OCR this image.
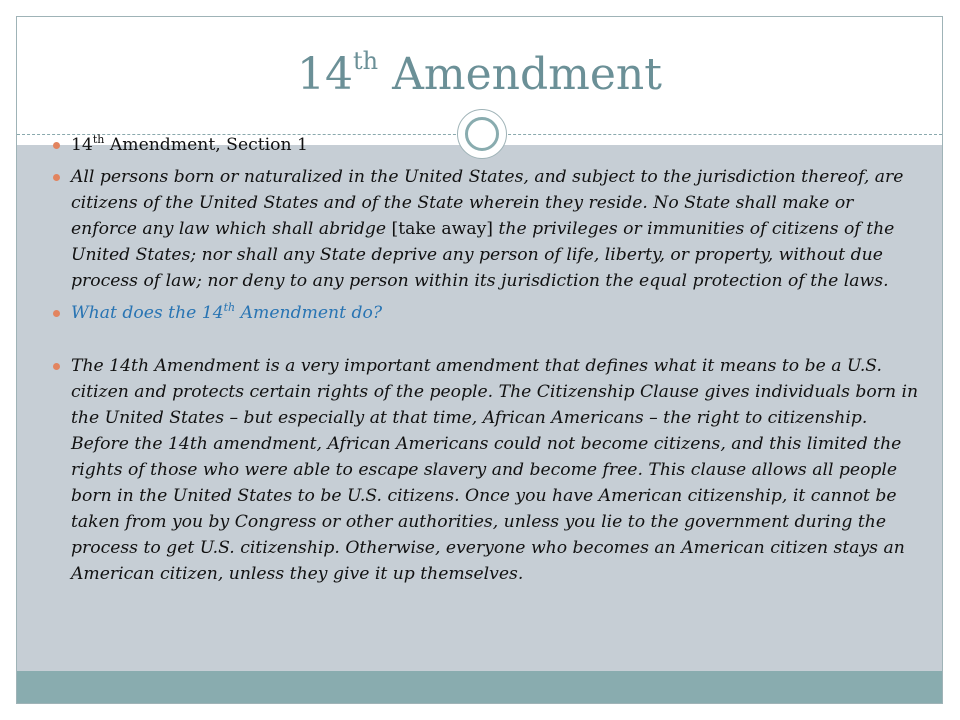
14th Amendment
14th Amendment, Section 1
All persons born or naturalized in the United States, and subject to the jurisdiction thereof, are citizens of the United States and of the State wherein they reside. No State shall make or enforce any law which shall abridge [take away] the privileges or immunities of citizens of the United States; nor shall any State deprive any person of life, liberty, or property, without due process of law; nor deny to any person within its jurisdiction the equal protection of the laws.
What does the 14th Amendment do?
The 14th Amendment is a very important amendment that defines what it means to be a U.S. citizen and protects certain rights of the people. The Citizenship Clause gives individuals born in the United States – but especially at that time, African Americans – the right to citizenship. Before the 14th amendment, African Americans could not become citizens, and this limited the rights of those who were able to escape slavery and become free. This clause allows all people born in the United States to be U.S. citizens. Once you have American citizenship, it cannot be taken from you by Congress or other authorities, unless you lie to the government during the process to get U.S. citizenship. Otherwise, everyone who becomes an American citizen stays an American citizen, unless they give it up themselves.
